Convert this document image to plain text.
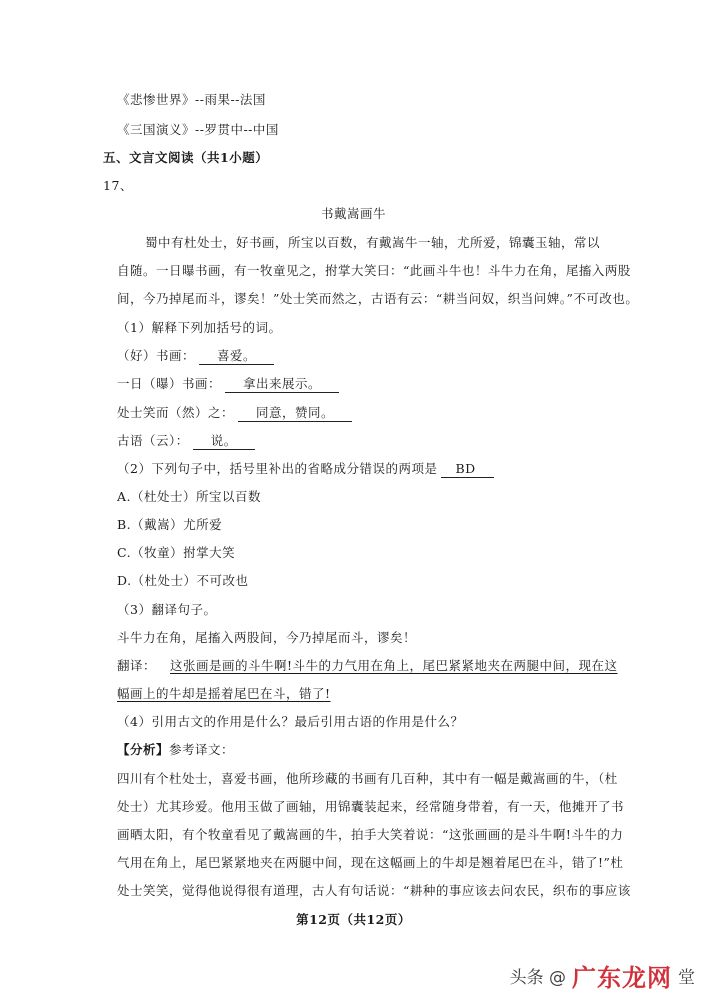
《悲惨世界》--雨果--法国
《三国演义》--罗贯中--中国
五、文言文阅读（共1小题）
17、
书戴嵩画牛
蜀中有杜处士，好书画，所宝以百数，有戴嵩牛一轴，尤所爱，锦囊玉轴，常以
自随。一日曝书画，有一牧童见之，拊掌大笑曰：“此画斗牛也！斗牛力在角，尾搐入两股
间，今乃掉尾而斗，谬矣！”处士笑而然之，古语有云：“耕当问奴，织当问婢。”不可改也。
（1）解释下列加括号的词。
（好）书画： 喜爱。
一日（曝）书画： 拿出来展示。
处士笑而（然）之： 同意，赞同。
古语（云）： 说。
（2）下列句子中，括号里补出的省略成分错误的两项是 BD
A.（杜处士）所宝以百数
B.（戴嵩）尤所爱
C.（牧童）拊掌大笑
D.（杜处士）不可改也
（3）翻译句子。
斗牛力在角，尾搐入两股间，今乃掉尾而斗，谬矣！
翻译： 这张画是画的斗牛啊!斗牛的力气用在角上，尾巴紧紧地夹在两腿中间，现在这
幅画上的牛却是摇着尾巴在斗，错了!
（4）引用古文的作用是什么？最后引用古语的作用是什么？
【分析】参考译文：
四川有个杜处士，喜爱书画，他所珍藏的书画有几百种，其中有一幅是戴嵩画的牛，（杜
处士）尤其珍爱。他用玉做了画轴，用锦囊装起来，经常随身带着，有一天，他摊开了书
画晒太阳，有个牧童看见了戴嵩画的牛，拍手大笑着说：“这张画画的是斗牛啊!斗牛的力
气用在角上，尾巴紧紧地夹在两腿中间，现在这幅画上的牛却是翘着尾巴在斗，错了!”杜
处士笑笑，觉得他说得很有道理，古人有句话说：“耕种的事应该去问农民，织布的事应该
第12页（共12页）
头条 @ 广东龙网 堂
